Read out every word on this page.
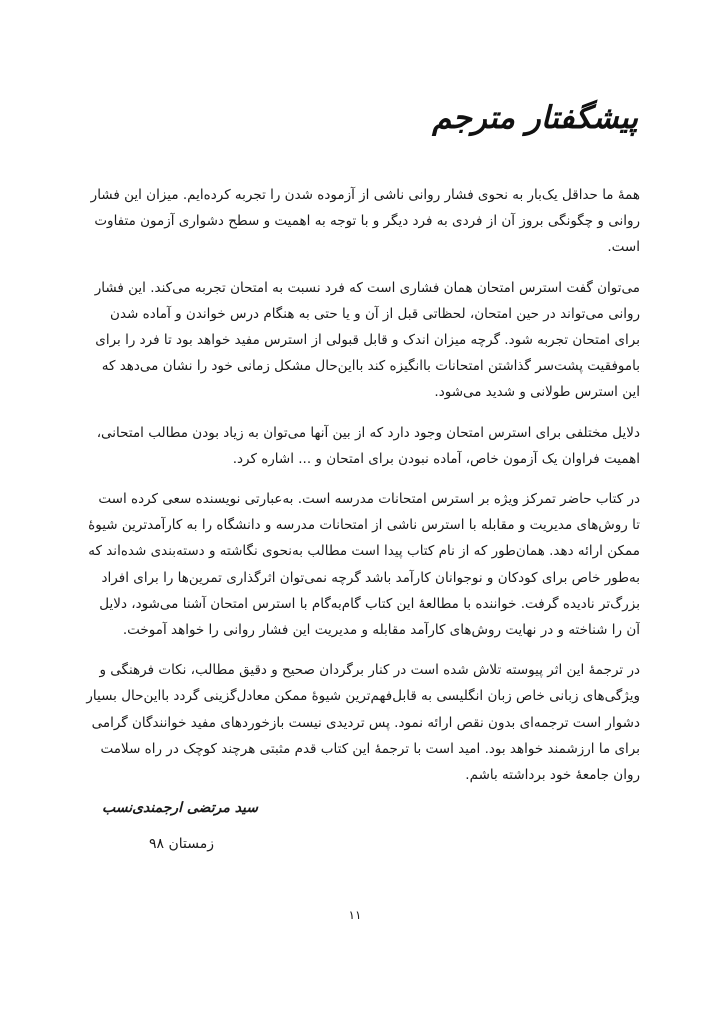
پیشگفتار مترجم

همهٔ ما حداقل یک‌بار به نحوی فشار روانی ناشی از آزموده شدن را تجربه کرده‌ایم. میزان این فشار
روانی و چگونگی بروز آن از فردی به فرد دیگر و با توجه به اهمیت و سطح دشواری آزمون متفاوت
است.

می‌توان گفت استرس امتحان همان فشاری است که فرد نسبت به امتحان تجربه می‌کند. این فشار
روانی می‌تواند در حین امتحان، لحظاتی قبل از آن و یا حتی به هنگام درس خواندن و آماده شدن
برای امتحان تجربه شود. گرچه میزان اندک و قابل قبولی از استرس مفید خواهد بود تا فرد را برای
باموفقیت پشت‌سر گذاشتن امتحانات باانگیزه کند بااین‌حال مشکل زمانی خود را نشان می‌دهد که
این استرس طولانی و شدید می‌شود.

دلایل مختلفی برای استرس امتحان وجود دارد که از بین آنها می‌توان به زیاد بودن مطالب امتحانی،
اهمیت فراوان یک آزمون خاص، آماده نبودن برای امتحان و ... اشاره کرد.

در کتاب حاضر تمرکز ویژه بر استرس امتحانات مدرسه است. به‌عبارتی نویسنده سعی کرده است
تا روش‌های مدیریت و مقابله با استرس ناشی از امتحانات مدرسه و دانشگاه را به کارآمدترین شیوهٔ
ممکن ارائه دهد. همان‌طور که از نام کتاب پیدا است مطالب به‌نحوی نگاشته و دسته‌بندی شده‌اند که
به‌طور خاص برای کودکان و نوجوانان کارآمد باشد گرچه نمی‌توان اثرگذاری تمرین‌ها را برای افراد
بزرگ‌تر نادیده گرفت. خواننده با مطالعهٔ این کتاب گام‌به‌گام با استرس امتحان آشنا می‌شود، دلایل
آن را شناخته و در نهایت روش‌های کارآمد مقابله و مدیریت این فشار روانی را خواهد آموخت.

در ترجمهٔ این اثر پیوسته تلاش شده است در کنار برگردان صحیح و دقیق مطالب، نکات فرهنگی و
ویژگی‌های زبانی خاص زبان انگلیسی به قابل‌فهم‌ترین شیوهٔ ممکن معادل‌گزینی گردد بااین‌حال بسیار
دشوار است ترجمه‌ای بدون نقص ارائه نمود. پس تردیدی نیست بازخوردهای مفید خوانندگان گرامی
برای ما ارزشمند خواهد بود. امید است با ترجمهٔ این کتاب قدم مثبتی هرچند کوچک در راه سلامت
روان جامعهٔ خود برداشته باشم.

سید مرتضی ارجمندی‌نسب
زمستان ۹۸
۱۱
